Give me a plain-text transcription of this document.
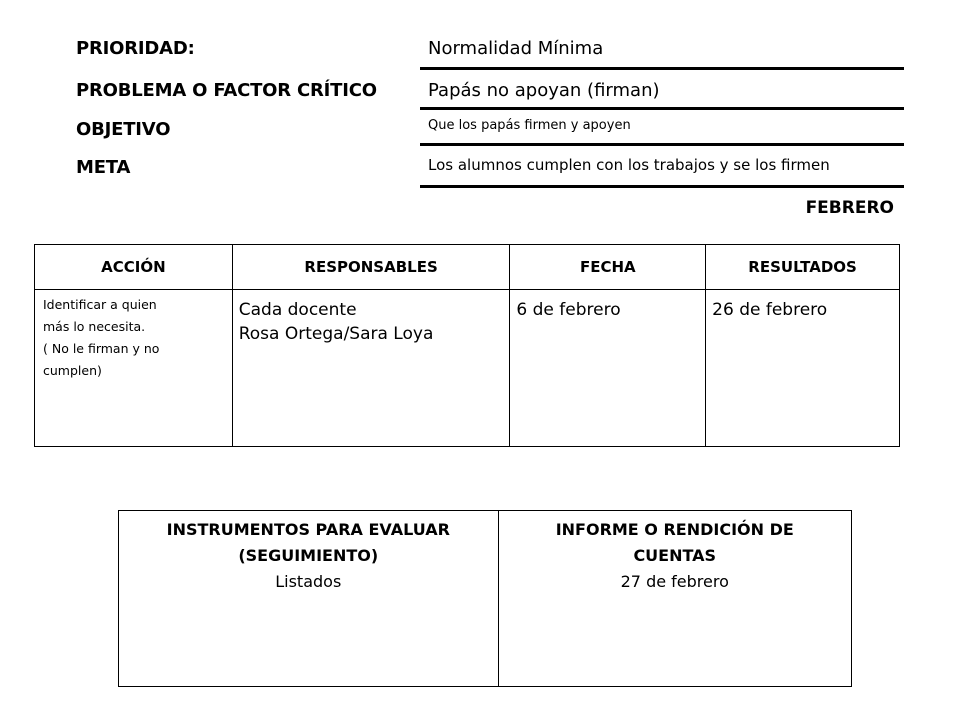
PRIORIDAD:	Normalidad Mínima
PROBLEMA O FACTOR CRÍTICO	Papás no apoyan (firman)
OBJETIVO	Que los papás firmen y apoyen
META	Los alumnos cumplen con los trabajos y se los firmen
FEBRERO
ACCIÓN	RESPONSABLES	FECHA	RESULTADOS

Identificar a quien
más lo necesita.
( No le firman y no
cumplen)	Cada docente
Rosa Ortega/Sara Loya	6 de febrero	26 de febrero
INSTRUMENTOS PARA EVALUAR
(SEGUIMIENTO)
Listados

INFORME O RENDICIÓN DE
CUENTAS
27 de febrero
